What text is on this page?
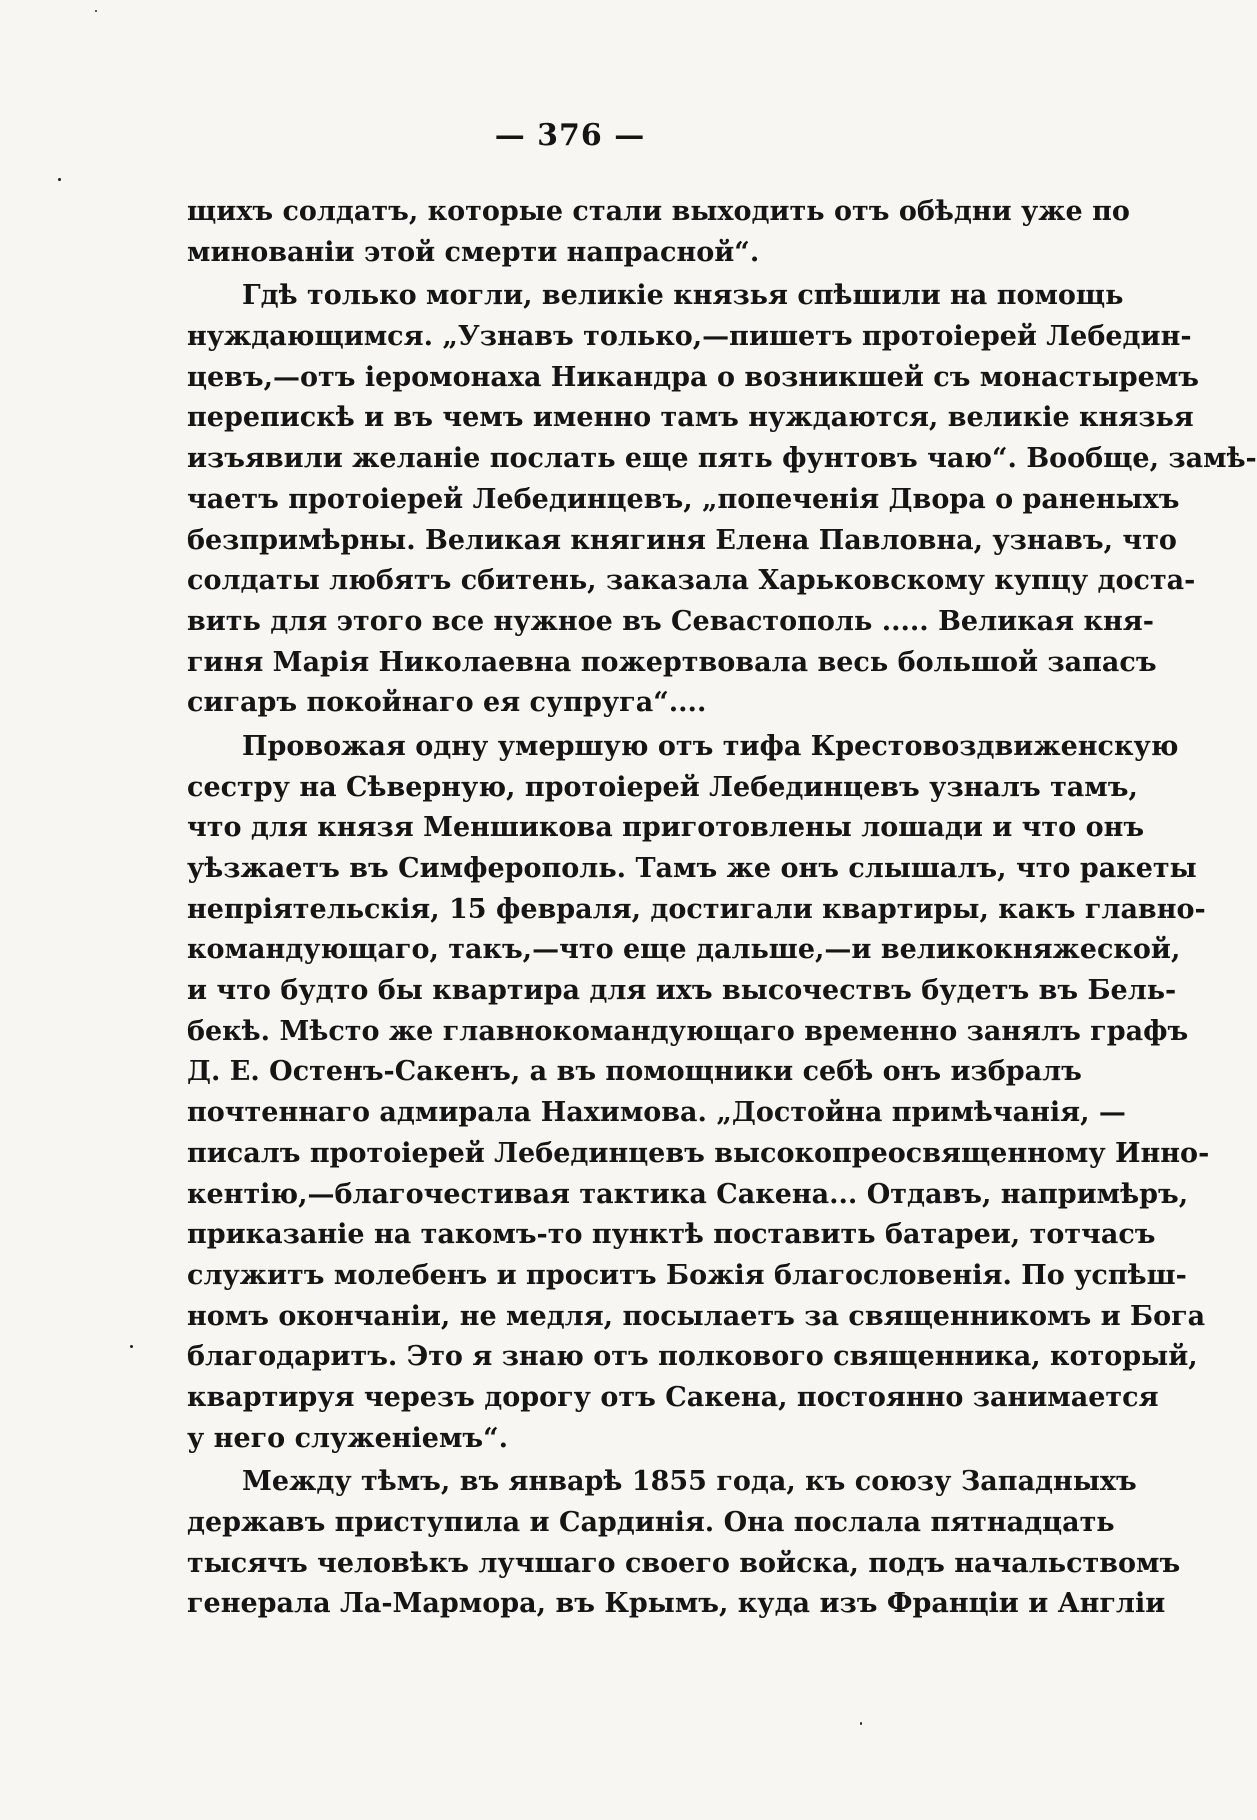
— 376 —
щихъ солдатъ, которые стали выходить отъ обѣдни уже по
минованіи этой смерти напрасной“.
Гдѣ только могли, великіе князья спѣшили на помощь
нуждающимся. „Узнавъ только,—пишетъ протоіерей Лебедин-
цевъ,—отъ іеромонаха Никандра о возникшей съ монастыремъ
перепискѣ и въ чемъ именно тамъ нуждаются, великіе князья
изъявили желаніе послать еще пять фунтовъ чаю“. Вообще, замѣ-
чаетъ протоіерей Лебединцевъ, „попеченія Двора о раненыхъ
безпримѣрны. Великая княгиня Елена Павловна, узнавъ, что
солдаты любятъ сбитень, заказала Харьковскому купцу доста-
вить для этого все нужное въ Севастополь ..... Великая кня-
гиня Марія Николаевна пожертвовала весь большой запасъ
сигаръ покойнаго ея супруга“....
Провожая одну умершую отъ тифа Крестовоздвиженскую
сестру на Сѣверную, протоіерей Лебединцевъ узналъ тамъ,
что для князя Меншикова приготовлены лошади и что онъ
уѣзжаетъ въ Симферополь. Тамъ же онъ слышалъ, что ракеты
непріятельскія, 15 февраля, достигали квартиры, какъ главно-
командующаго, такъ,—что еще дальше,—и великокняжеской,
и что будто бы квартира для ихъ высочествъ будетъ въ Бель-
бекѣ. Мѣсто же главнокомандующаго временно занялъ графъ
Д. Е. Остенъ-Сакенъ, а въ помощники себѣ онъ избралъ
почтеннаго адмирала Нахимова. „Достойна примѣчанія, —
писалъ протоіерей Лебединцевъ высокопреосвященному Инно-
кентію,—благочестивая тактика Сакена... Отдавъ, напримѣръ,
приказаніе на такомъ-то пунктѣ поставить батареи, тотчасъ
служитъ молебенъ и проситъ Божія благословенія. По успѣш-
номъ окончаніи, не медля, посылаетъ за священникомъ и Бога
благодаритъ. Это я знаю отъ полкового священника, который,
квартируя черезъ дорогу отъ Сакена, постоянно занимается
у него служеніемъ“.
Между тѣмъ, въ январѣ 1855 года, къ союзу Западныхъ
державъ приступила и Сардинія. Она послала пятнадцать
тысячъ человѣкъ лучшаго своего войска, подъ начальствомъ
генерала Ла-Мармора, въ Крымъ, куда изъ Франціи и Англіи
